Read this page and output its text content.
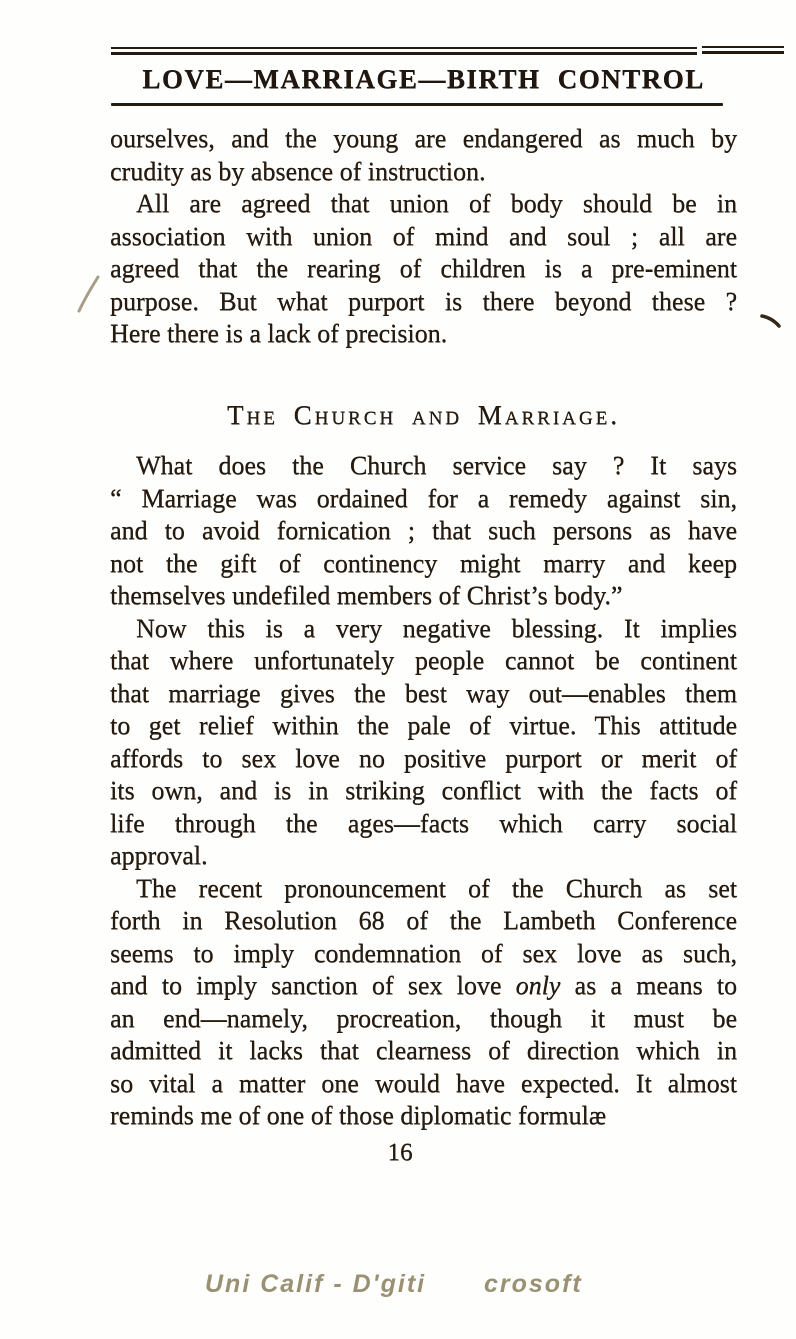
LOVE—MARRIAGE—BIRTH CONTROL
ourselves, and the young are endangered as much by
crudity as by absence of instruction.
All are agreed that union of body should be in
association with union of mind and soul ; all are
agreed that the rearing of children is a pre-eminent
purpose. But what purport is there beyond these ?
Here there is a lack of precision.
The Church and Marriage.
What does the Church service say ? It says
“ Marriage was ordained for a remedy against sin,
and to avoid fornication ; that such persons as have
not the gift of continency might marry and keep
themselves undefiled members of Christ’s body.”
Now this is a very negative blessing. It implies
that where unfortunately people cannot be continent
that marriage gives the best way out—enables them
to get relief within the pale of virtue. This attitude
affords to sex love no positive purport or merit of
its own, and is in striking conflict with the facts of
life through the ages—facts which carry social
approval.
The recent pronouncement of the Church as set
forth in Resolution 68 of the Lambeth Conference
seems to imply condemnation of sex love as such,
and to imply sanction of sex love only as a means to
an end—namely, procreation, though it must be
admitted it lacks that clearness of direction which in
so vital a matter one would have expected. It almost
reminds me of one of those diplomatic formulæ
16
Uni Calif - D'giti crosoft
